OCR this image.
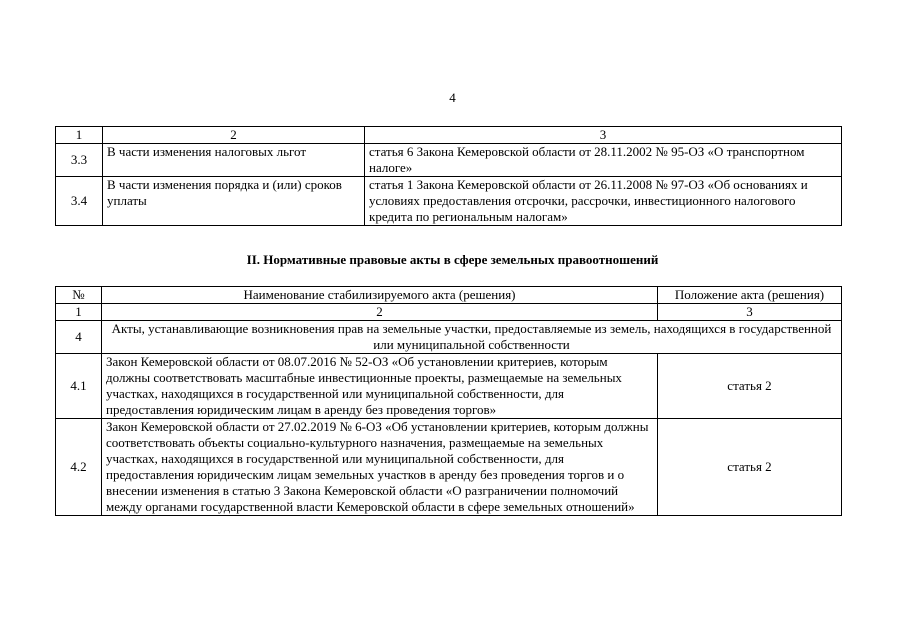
4
1	2	3
3.3	В части изменения налоговых льгот	статья 6 Закона Кемеровской области от 28.11.2002 № 95-ОЗ «О транспортном налоге»
3.4	В части изменения порядка и (или) сроков уплаты	статья 1 Закона Кемеровской области от 26.11.2008 № 97-ОЗ «Об основаниях и условиях предоставления отсрочки, рассрочки, инвестиционного налогового кредита по региональным налогам»
II. Нормативные правовые акты в сфере земельных правоотношений
№	Наименование стабилизируемого акта (решения)	Положение акта (решения)
1	2	3
4	Акты, устанавливающие возникновения прав на земельные участки, предоставляемые из земель, находящихся в государственной или муниципальной собственности	
4.1	Закон Кемеровской области от 08.07.2016 № 52-ОЗ «Об установлении критериев, которым должны соответствовать масштабные инвестиционные проекты, размещаемые на земельных участках, находящихся в государственной или муниципальной собственности, для предоставления юридическим лицам в аренду без проведения торгов»	статья 2
4.2	Закон Кемеровской области от 27.02.2019 № 6-ОЗ «Об установлении критериев, которым должны соответствовать объекты социально-культурного назначения, размещаемые на земельных участках, находящихся в государственной или муниципальной собственности, для предоставления юридическим лицам земельных участков в аренду без проведения торгов и о внесении изменения в статью 3 Закона Кемеровской области «О разграничении полномочий между органами государственной власти Кемеровской области в сфере земельных отношений»	статья 2
